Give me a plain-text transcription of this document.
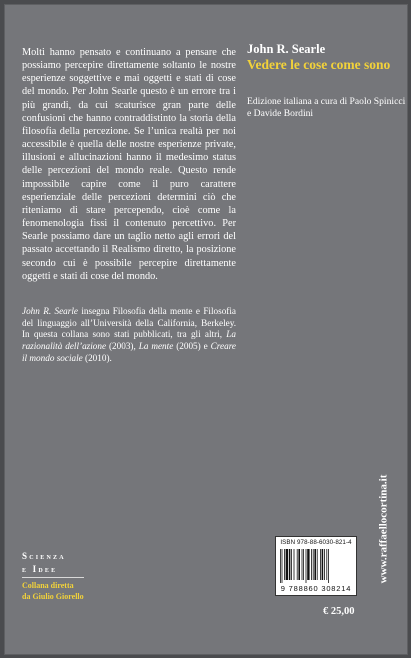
Molti hanno pensato e continuano a pensare che possiamo percepire direttamente soltanto le nostre esperienze soggettive e mai oggetti e stati di cose del mondo. Per John Searle questo è un errore tra i più grandi, da cui scaturisce gran parte delle confusioni che hanno contraddistinto la storia della filosofia della percezione. Se l’unica realtà per noi accessibile è quella delle nostre esperienze private, illusioni e allucinazioni hanno il medesimo status delle percezioni del mondo reale. Questo rende impossibile capire come il puro carattere esperienziale delle percezioni determini ciò che riteniamo di stare percependo, cioè come la fenomenologia fissi il contenuto percettivo. Per Searle possiamo dare un taglio netto agli errori del passato accettando il Realismo diretto, la posizione secondo cui è possibile percepire direttamente oggetti e stati di cose del mondo.

John R. Searle insegna Filosofia della mente e Filosofia del linguaggio all’Università della California, Berkeley. In questa collana sono stati pubblicati, tra gli altri, La razionalità dell’azione (2003), La mente (2005) e Creare il mondo sociale (2010).

John R. Searle
Vedere le cose come sono
Edizione italiana a cura di Paolo Spinicci e Davide Bordini
Scienza
e Idee
Collana diretta
da Giulio Giorello
www.raffaellocortina.it
ISBN 978-88-6030-821-4
9 788860 308214
€ 25,00
